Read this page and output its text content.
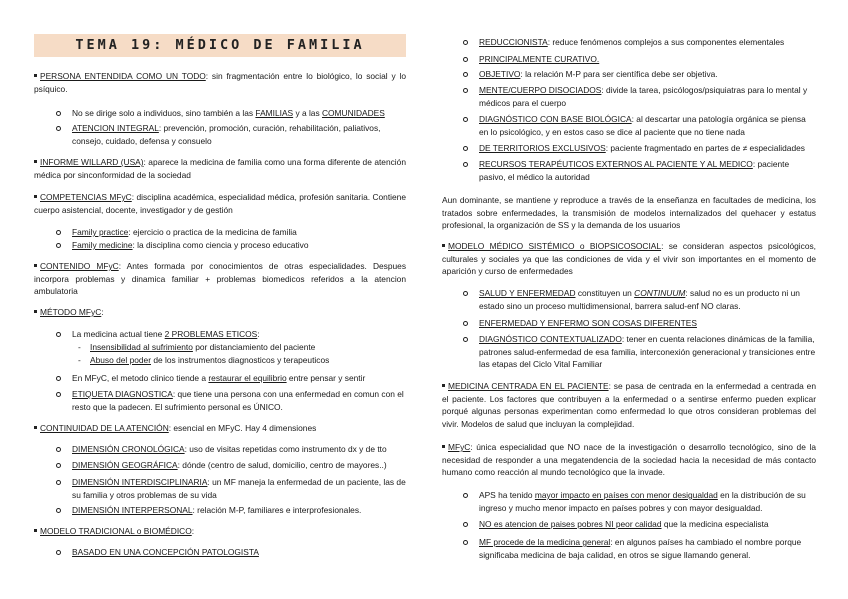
TEMA 19: MÉDICO DE FAMILIA

PERSONA ENTENDIDA COMO UN TODO: sin fragmentación entre lo biológico, lo social y lo psíquico.

No se dirige solo a individuos, sino también a las FAMILIAS y a las COMUNIDADES
ATENCION INTEGRAL: prevención, promoción, curación, rehabilitación, paliativos, consejo, cuidado, defensa y consuelo

INFORME WILLARD (USA): aparece la medicina de familia como una forma diferente de atención médica por sinconformidad de la sociedad

COMPETENCIAS MFyC: disciplina académica, especialidad médica, profesión sanitaria. Contiene cuerpo asistencial, docente, investigador y de gestión

Family practice: ejercicio o practica de la medicina de familia
Family medicine: la disciplina como ciencia y proceso educativo

CONTENIDO MFyC: Antes formada por conocimientos de otras especialidades. Despues incorpora problemas y dinamica familiar + problemas biomedicos referidos a la atencion ambulatoria

MÉTODO MFyC:

La medicina actual tiene 2 PROBLEMAS ETICOS:
- Insensibilidad al sufrimiento por distanciamiento del paciente
- Abuso del poder de los instrumentos diagnosticos y terapeuticos
En MFyC, el metodo clinico tiende a restaurar el equilibrio entre pensar y sentir
ETIQUETA DIAGNOSTICA: que tiene una persona con una enfermedad en comun con el resto que la padecen. El sufrimiento personal es ÚNICO.

CONTINUIDAD DE LA ATENCIÓN: esencial en MFyC. Hay 4 dimensiones

DIMENSIÓN CRONOLÓGICA: uso de visitas repetidas como instrumento dx y de tto
DIMENSIÓN GEOGRÁFICA: dónde (centro de salud, domicilio, centro de mayores..)
DIMENSIÓN INTERDISCIPLINARIA: un MF maneja la enfermedad de un paciente, las de su familia y otros problemas de su vida
DIMENSIÓN INTERPERSONAL: relación M-P, familiares e interprofesionales.

MODELO TRADICIONAL o BIOMÉDICO:

BASADO EN UNA CONCEPCIÓN PATOLOGISTA
REDUCCIONISTA: reduce fenómenos complejos a sus componentes elementales
PRINCIPALMENTE CURATIVO.
OBJETIVO: la relación M-P para ser científica debe ser objetiva.
MENTE/CUERPO DISOCIADOS: divide la tarea, psicólogos/psiquiatras para lo mental y médicos para el cuerpo
DIAGNÓSTICO CON BASE BIOLÓGICA: al descartar una patología orgánica se piensa en lo psicológico, y en estos caso se dice al paciente que no tiene nada
DE TERRITORIOS EXCLUSIVOS: paciente fragmentado en partes de ≠ especialidades
RECURSOS TERAPÉUTICOS EXTERNOS AL PACIENTE Y AL MEDICO: paciente pasivo, el médico la autoridad

Aun dominante, se mantiene y reproduce a través de la enseñanza en facultades de medicina, los tratados sobre enfermedades, la transmisión de modelos internalizados del quehacer y estatus profesional, la organización de SS y la demanda de los usuarios

MODELO MÉDICO SISTÉMICO o BIOPSICOSOCIAL: se consideran aspectos psicológicos, culturales y sociales ya que las condiciones de vida y el vivir son importantes en el momento de aparición y curso de enfermedades

SALUD Y ENFERMEDAD constituyen un CONTINUUM: salud no es un producto ni un estado sino un proceso multidimensional, barrera salud-enf NO claras.
ENFERMEDAD Y ENFERMO SON COSAS DIFERENTES
DIAGNÓSTICO CONTEXTUALIZADO: tener en cuenta relaciones dinámicas de la familia, patrones salud-enfermedad de esa familia, interconexión generacional y transiciones entre las etapas del Ciclo Vital Familiar

MEDICINA CENTRADA EN EL PACIENTE: se pasa de centrada en la enfermedad a centrada en el paciente. Los factores que contribuyen a la enfermedad o a sentirse enfermo pueden explicar porqué algunas personas experimentan como enfermedad lo que otros consideran problemas del vivir. Modelos de salud que incluyan la complejidad.

MFyC: única especialidad que NO nace de la investigación o desarrollo tecnológico, sino de la necesidad de responder a una megatendencia de la sociedad hacia la necesidad de más contacto humano como reacción al mundo tecnológico que la invade.

APS ha tenido mayor impacto en países con menor desigualdad en la distribución de su ingreso y mucho menor impacto en países pobres y con mayor desigualdad.
NO es atencion de paises pobres NI peor calidad que la medicina especialista
MF procede de la medicina general: en algunos países ha cambiado el nombre porque significaba medicina de baja calidad, en otros se sigue llamando general.
